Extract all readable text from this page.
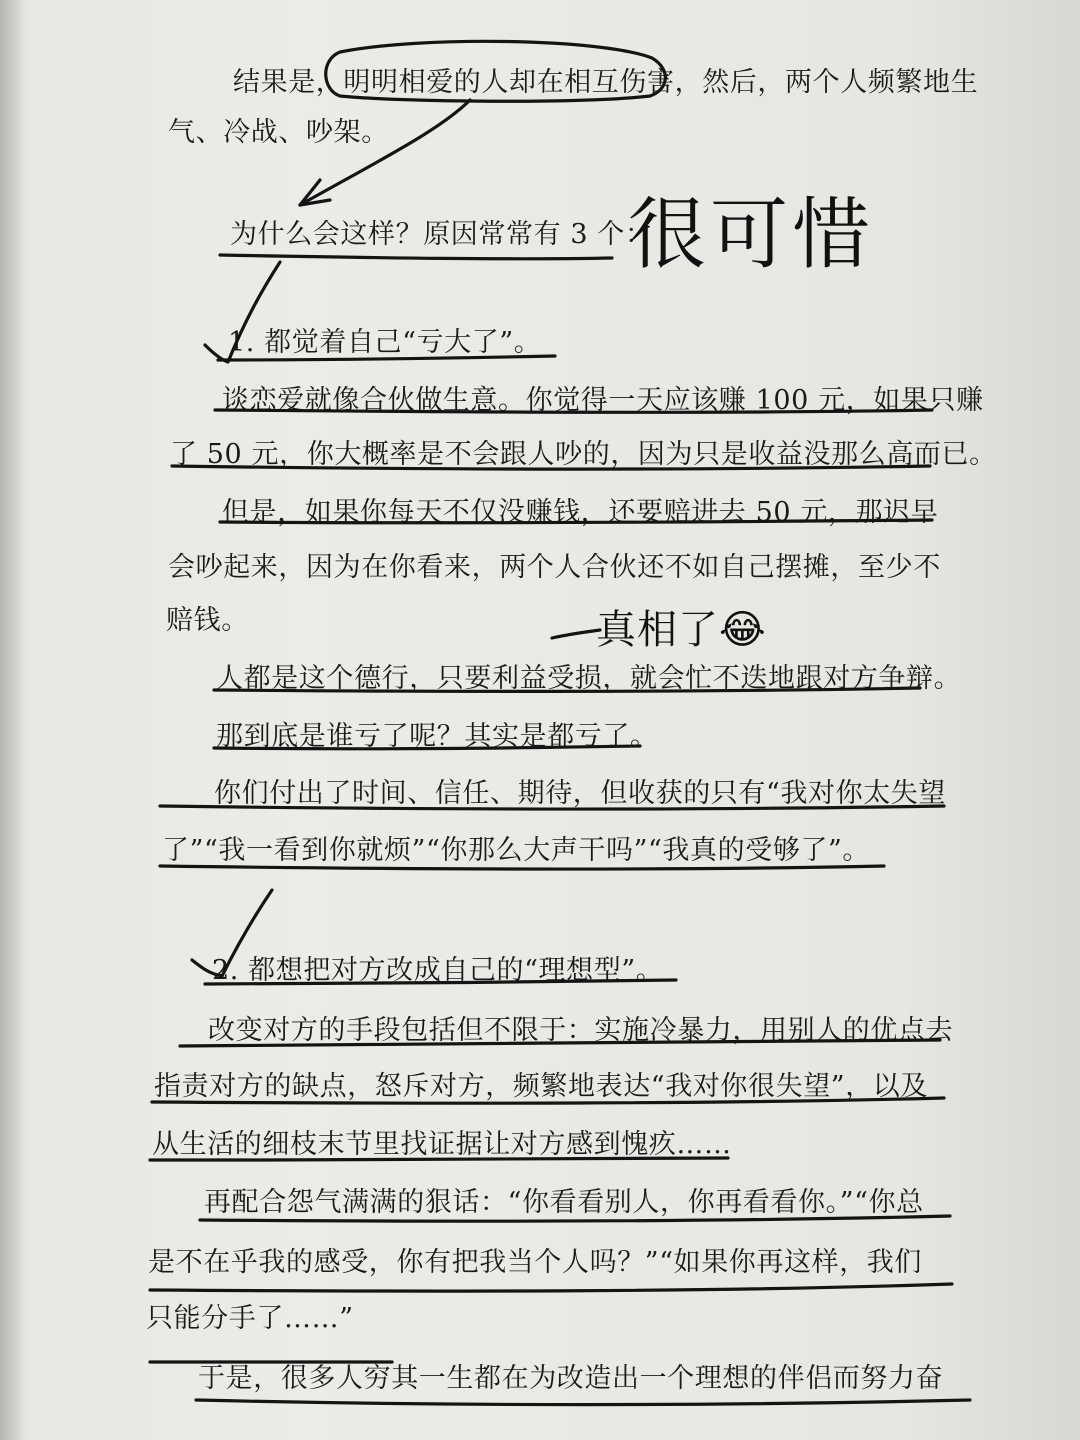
结果是，明明相爱的人却在相互伤害，然后，两个人频繁地生
气、冷战、吵架。
为什么会这样？原因常常有 3 个：
1. 都觉着自己“亏大了”。
谈恋爱就像合伙做生意。你觉得一天应该赚 100 元，如果只赚
了 50 元，你大概率是不会跟人吵的，因为只是收益没那么高而已。
但是，如果你每天不仅没赚钱，还要赔进去 50 元，那迟早
会吵起来，因为在你看来，两个人合伙还不如自己摆摊，至少不
赔钱。
人都是这个德行，只要利益受损，就会忙不迭地跟对方争辩。
那到底是谁亏了呢？其实是都亏了。
你们付出了时间、信任、期待，但收获的只有“我对你太失望
了”“我一看到你就烦”“你那么大声干吗”“我真的受够了”。
2. 都想把对方改成自己的“理想型”。
改变对方的手段包括但不限于：实施冷暴力，用别人的优点去
指责对方的缺点，怒斥对方，频繁地表达“我对你很失望”，以及
从生活的细枝末节里找证据让对方感到愧疚……
再配合怨气满满的狠话：“你看看别人，你再看看你。”“你总
是不在乎我的感受，你有把我当个人吗？”“如果你再这样，我们
只能分手了……”
于是，很多人穷其一生都在为改造出一个理想的伴侣而努力奋
很可惜
真相了😂
